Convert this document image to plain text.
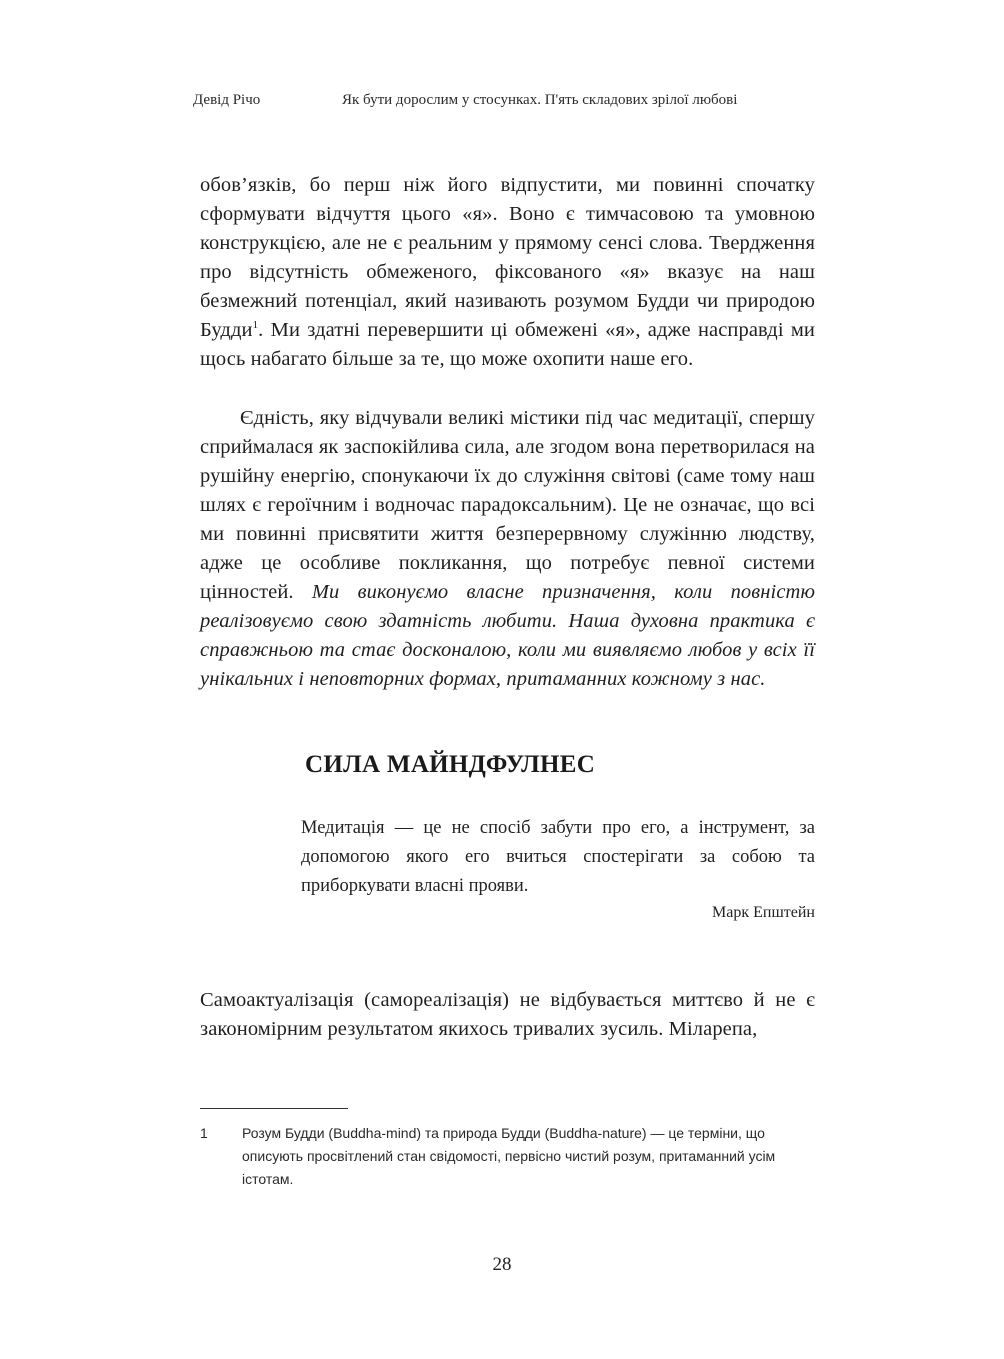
Девід Річо	Як бути дорослим у стосунках. П'ять складових зрілої любові

обов’язків, бо перш ніж його відпустити, ми повинні спочатку сформувати відчуття цього «я». Воно є тимчасовою та умовною конструкцією, але не є реальним у прямому сенсі слова. Твердження про відсутність обмеженого, фіксованого «я» вказує на наш безмежний потенціал, який називають розумом Будди чи природою Будди$^1$. Ми здатні перевершити ці обмежені «я», адже насправді ми щось набагато більше за те, що може охопити наше его.

Єдність, яку відчували великі містики під час медитації, спершу сприймалася як заспокійлива сила, але згодом вона перетворилася на рушійну енергію, спонукаючи їх до служіння світові (саме тому наш шлях є героїчним і водночас парадоксальним). Це не означає, що всі ми повинні присвятити життя безперервному служінню людству, адже це особливе покликання, що потребує певної системи цінностей. Ми виконуємо власне призначення, коли повністю реалізовуємо свою здатність любити. Наша духовна практика є справжньою та стає досконалою, коли ми виявляємо любов у всіх її унікальних і неповторних формах, притаманних кожному з нас.

СИЛА МАЙНДФУЛНЕС

Медитація — це не спосіб забути про его, а інструмент, за допомогою якого его вчиться спостерігати за собою та приборкувати власні прояви.

Марк Епштейн

Самоактуалізація (самореалізація) не відбувається миттєво й не є закономірним результатом якихось тривалих зусиль. Міларепа,

1 Розум Будди (Buddha-mind) та природа Будди (Buddha-nature) — це терміни, що описують просвітлений стан свідомості, первісно чистий розум, притаманний усім істотам.
28
